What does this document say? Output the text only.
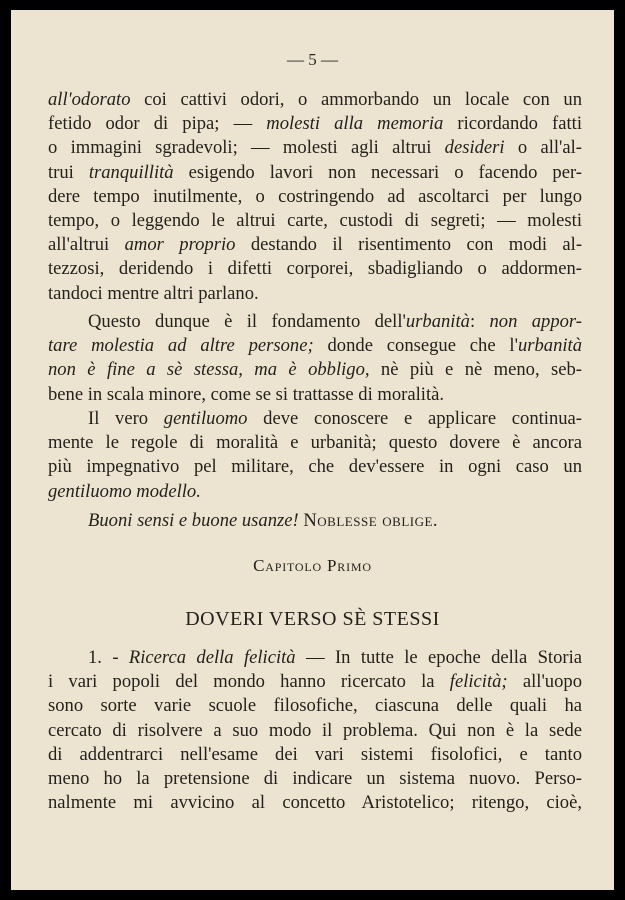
— 5 —
all'odorato coi cattivi odori, o ammorbando un locale con un
fetido odor di pipa; — molesti alla memoria ricordando fatti
o immagini sgradevoli; — molesti agli altrui desideri o all'al-
trui tranquillità esigendo lavori non necessari o facendo per-
dere tempo inutilmente, o costringendo ad ascoltarci per lungo
tempo, o leggendo le altrui carte, custodi di segreti; — molesti
all'altrui amor proprio destando il risentimento con modi al-
tezzosi, deridendo i difetti corporei, sbadigliando o addormen-
tandoci mentre altri parlano.
Questo dunque è il fondamento dell'urbanità: non appor-
tare molestia ad altre persone; donde consegue che l'urbanità
non è fine a sè stessa, ma è obbligo, nè più e nè meno, seb-
bene in scala minore, come se si trattasse di moralità.
Il vero gentiluomo deve conoscere e applicare continua-
mente le regole di moralità e urbanità; questo dovere è ancora
più impegnativo pel militare, che dev'essere in ogni caso un
gentiluomo modello.
Buoni sensi e buone usanze! Noblesse oblige.
Capitolo Primo
DOVERI VERSO SÈ STESSI
1. - Ricerca della felicità — In tutte le epoche della Storia
i vari popoli del mondo hanno ricercato la felicità; all'uopo
sono sorte varie scuole filosofiche, ciascuna delle quali ha
cercato di risolvere a suo modo il problema. Qui non è la sede
di addentrarci nell'esame dei vari sistemi fisolofici, e tanto
meno ho la pretensione di indicare un sistema nuovo. Perso-
nalmente mi avvicino al concetto Aristotelico; ritengo, cioè,
